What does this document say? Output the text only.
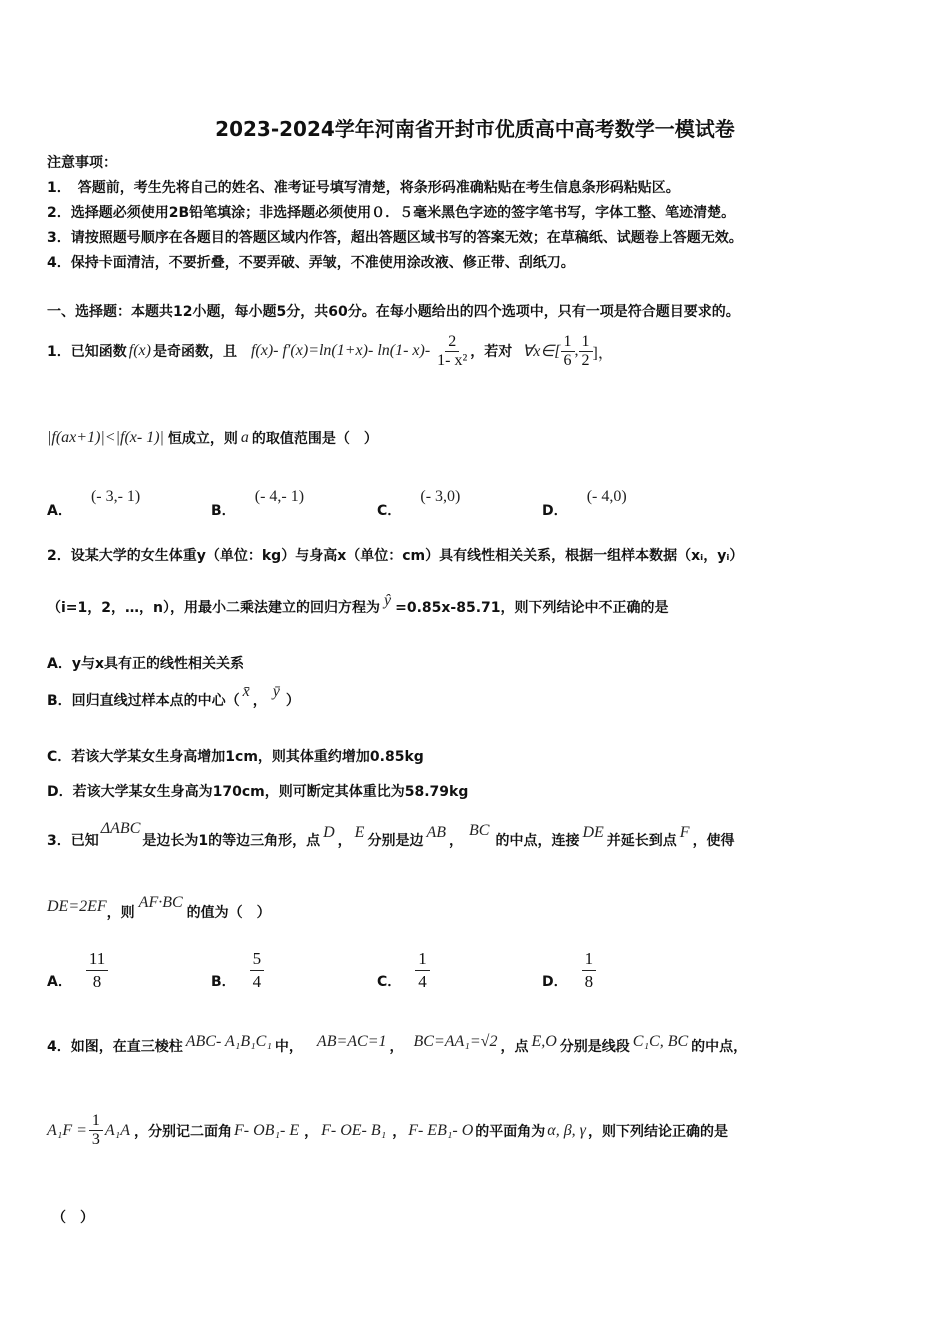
2023-2024学年河南省开封市优质高中高考数学一模试卷
注意事项：
1．　答题前，考生先将自己的姓名、准考证号填写清楚，将条形码准确粘贴在考生信息条形码粘贴区。
2．选择题必须使用2B铅笔填涂；非选择题必须使用０．５毫米黑色字迹的签字笔书写，字体工整、笔迹清楚。
3．请按照题号顺序在各题目的答题区域内作答，超出答题区域书写的答案无效；在草稿纸、试题卷上答题无效。
4．保持卡面清洁，不要折叠，不要弄破、弄皱，不准使用涂改液、修正带、刮纸刀。
一、选择题：本题共12小题，每小题5分，共60分。在每小题给出的四个选项中，只有一项是符合题目要求的。
1．已知函数 f(x) 是奇函数，且 f(x)- f′(x)=ln(1+x)- ln(1- $x)- \frac{2}{\text{1- x²}}$ ，若对 ∀x∈[ $\frac{1}{6}$ , $\frac{1}{2}$ ]，
|f(ax+1)|<|f(x- 1)| 恒成立，则 a 的取值范围是（　）
A． (- 3,- 1)
B． (- 4,- 1)
C． (- 3,0)
D． (- 4,0)
2．设某大学的女生体重y（单位：kg）与身高x（单位：cm）具有线性相关关系，根据一组样本数据（xᵢ，yᵢ）
（i=1，2，…，n），用最小二乘法建立的回归方程为 ŷ =0.85x-85.71，则下列结论中不正确的是
A．y与x具有正的线性相关关系
B．回归直线过样本点的中心（
x̄
，
ȳ
）
C．若该大学某女生身高增加1cm，则其体重约增加0.85kg
D．若该大学某女生身高为170cm，则可断定其体重比为58.79kg
3．已知
ΔABC
是边长为1的等边三角形，点 D ， E 分别是边 AB ，
BC
的中点，连接 DE 并延长到点 F ，使得
DE=2EF ，则
AF·BC
的值为（　）
A． $\frac{11}{8}$	B． $\frac{5}{4}$	C． $\frac{1}{4}$	D． $\frac{1}{8}$
4．如图，在直三棱柱 ABC- A₁B₁C₁ 中， AB=AC=1 ， BC=AA₁=√2 ，点 E,O 分别是线段 C₁C, BC 的中点，
$A_1F = \frac{1}{3} A_1A$ ，分别记二面角 F- OB₁- E ， F- OE- B₁ ， F- EB₁- O 的平面角为 α, β, γ ，则下列结论正确的是
（　）
